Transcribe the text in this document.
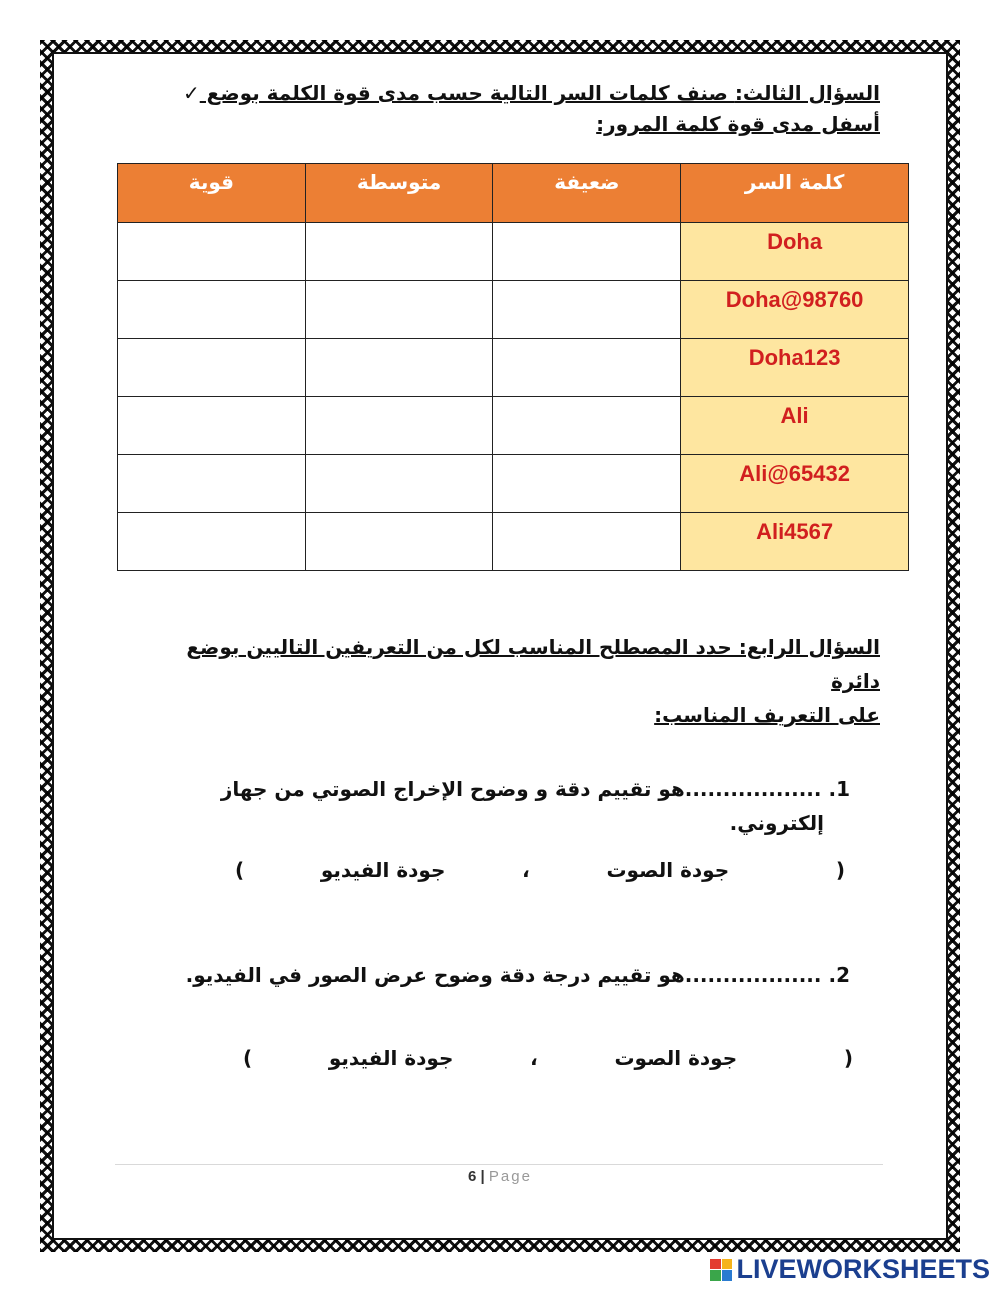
السؤال الثالث: صنف كلمات السر التالية حسب مدى قوة الكلمة بوضع ✓
أسفل مدى قوة كلمة المرور:
كلمة السر	ضعيفة	متوسطة	قوية
Doha			
Doha@98760			
Doha123			
Ali			
Ali@65432			
Ali4567			
السؤال الرابع: حدد المصطلح المناسب لكل من التعريفين التاليين بوضع دائرة
على التعريف المناسب:
1. ..................هو تقييم دقة و وضوح الإخراج الصوتي من جهاز
إلكتروني.
(
جودة الصوت
،
جودة الفيديو
)
2. ..................هو تقييم درجة دقة وضوح عرض الصور في الفيديو.
(
جودة الصوت
،
جودة الفيديو
)
6 | Page
LIVEWORKSHEETS
